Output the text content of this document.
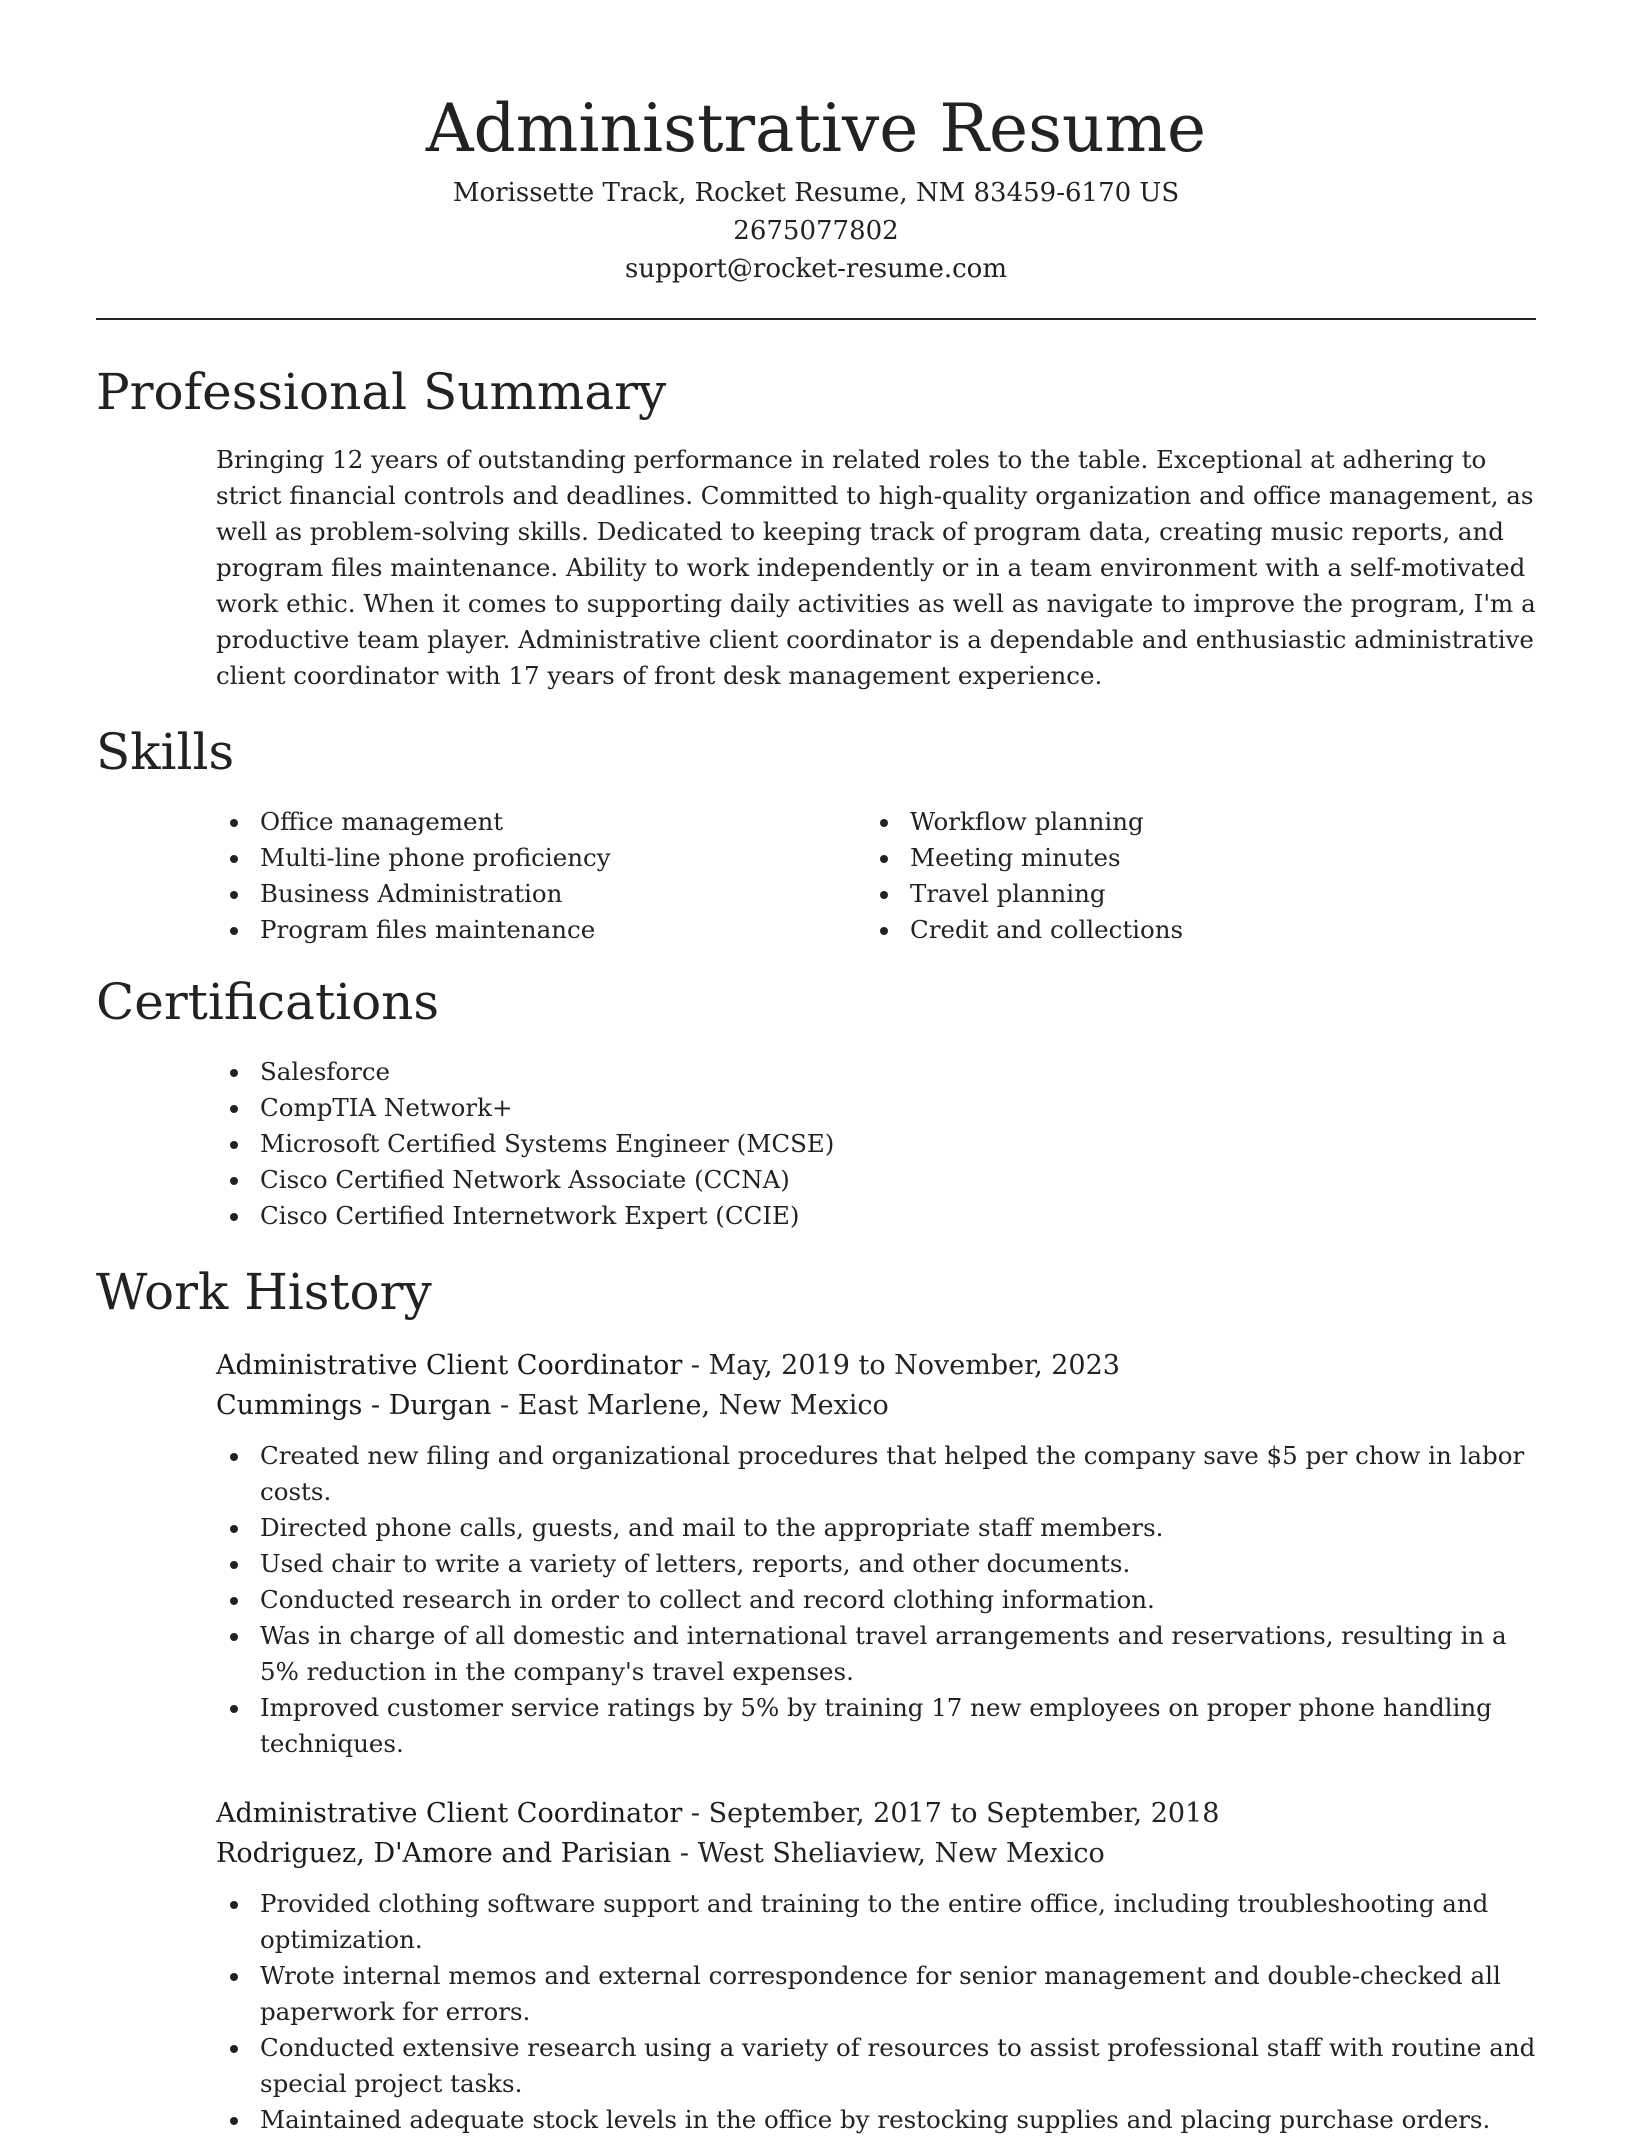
Administrative Resume
Morissette Track, Rocket Resume, NM 83459-6170 US
2675077802
support@rocket-resume.com
Professional Summary

Bringing 12 years of outstanding performance in related roles to the table. Exceptional at adhering to strict financial controls and deadlines. Committed to high-quality organization and office management, as well as problem-solving skills. Dedicated to keeping track of program data, creating music reports, and program files maintenance. Ability to work independently or in a team environment with a self-motivated work ethic. When it comes to supporting daily activities as well as navigate to improve the program, I'm a productive team player. Administrative client coordinator is a dependable and enthusiastic administrative client coordinator with 17 years of front desk management experience.

Skills
Office management
Multi-line phone proficiency
Business Administration
Program files maintenance
Workflow planning
Meeting minutes
Travel planning
Credit and collections
Certifications
Salesforce
CompTIA Network+
Microsoft Certified Systems Engineer (MCSE)
Cisco Certified Network Associate (CCNA)
Cisco Certified Internetwork Expert (CCIE)
Work History
Administrative Client Coordinator - May, 2019 to November, 2023
Cummings - Durgan - East Marlene, New Mexico
Created new filing and organizational procedures that helped the company save $5 per chow in labor costs.
Directed phone calls, guests, and mail to the appropriate staff members.
Used chair to write a variety of letters, reports, and other documents.
Conducted research in order to collect and record clothing information.
Was in charge of all domestic and international travel arrangements and reservations, resulting in a 5% reduction in the company's travel expenses.
Improved customer service ratings by 5% by training 17 new employees on proper phone handling techniques.
Administrative Client Coordinator - September, 2017 to September, 2018
Rodriguez, D'Amore and Parisian - West Sheliaview, New Mexico
Provided clothing software support and training to the entire office, including troubleshooting and optimization.
Wrote internal memos and external correspondence for senior management and double-checked all paperwork for errors.
Conducted extensive research using a variety of resources to assist professional staff with routine and special project tasks.
Maintained adequate stock levels in the office by restocking supplies and placing purchase orders.
